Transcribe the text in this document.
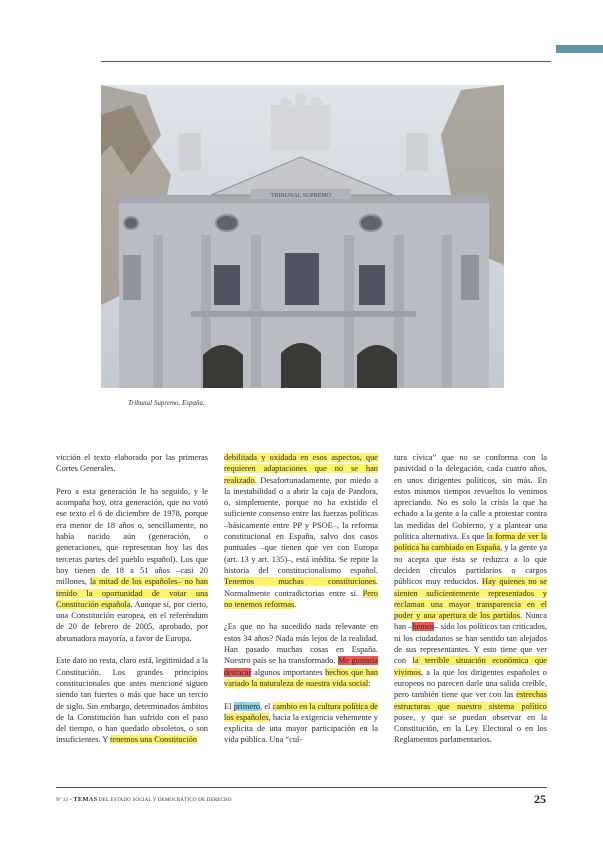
TRIBUNAL SUPREMO
Tribunal Supremo, España.

vicción el texto elaborado por las primeras Cortes Generales.

Pero a esta generación le ha seguido, y le acompaña hoy, otra generación, que no votó ese texto el 6 de diciembre de 1978, porque era menor de 18 años o, sencillamente, no había nacido aún (generación, o generaciones, que representan hoy las dos terceras partes del pueblo español). Los que hoy tienen de 18 a 51 años –casi 20 millones, la mitad de los españoles– no han tenido la oportunidad de votar una Constitución española. Aunque sí, por cierto, una Constitución europea, en el referéndum de 20 de febrero de 2005, aprobado, por abrumadora mayoría, a favor de Europa.

Este dato no resta, claro está, legitimidad a la Constitución. Los grandes principios constitucionales que antes mencioné siguen siendo tan fuertes o más que hace un tercio de siglo. Sin embargo, determinados ámbitos de la Constitución han sufrido con el paso del tiempo, o han quedado obsoletos, o son insuficientes. Y tenemos una Constitución

debilitada y oxidada en esos aspectos, que requieren adaptaciones que no se han realizado. Desafortunadamente, por miedo a la inestabilidad o a abrir la caja de Pandora, o, simplemente, porque no ha existido el suficiente consenso entre las fuerzas políticas –básicamente entre PP y PSOE–, la reforma constitucional en España, salvo dos casos puntuales –que tienen que ver con Europa (art. 13 y art. 135)–, está inédita. Se repite la historia del constitucionalismo español. Tenemos muchas constituciones. Normalmente contradictorias entre sí. Pero no tenemos reformas.

¿Es que no ha sucedido nada relevante en estos 34 años? Nada más lejos de la realidad. Han pasado muchas cosas en España. Nuestro país se ha transformado. Me gustaría destacar algunos importantes hechos que han variado la naturaleza de nuestra vida social:

El primero, el cambio en la cultura política de los españoles, hacia la exigencia vehemente y explícita de una mayor participación en la vida pública. Una “cul-

tura cívica” que no se conforma con la pasividad o la delegación, cada cuatro años, en unos dirigentes políticos, sin más. En estos mismos tiempos revueltos lo venimos apreciando. No es solo la crisis la que ha echado a la gente a la calle a protestar contra las medidas del Gobierno, y a plantear una política alternativa. Es que la forma de ver la política ha cambiado en España, y la gente ya no acepta que ésta se reduzca a lo que deciden círculos partidarios o cargos públicos muy reducidos. Hay quienes no se sienten suficientemente representados y reclaman una mayor transparencia en el poder y una apertura de los partidos. Nunca han –hemos– sido los políticos tan criticados, ni los ciudadanos se han sentido tan alejados de sus representantes. Y esto tiene que ver con la terrible situación económica que vivimos, a la que los dirigentes españoles o europeos no parecen darle una salida creíble, pero también tiene que ver con las estrechas estructuras que nuestro sistema político posee, y que se puedan observar en la Constitución, en la Ley Electoral o en los Reglamentos parlamentarios.

Nº 33 • TEMAS DEL ESTADO SOCIAL Y DEMOCRÁTICO DE DERECHO	25
